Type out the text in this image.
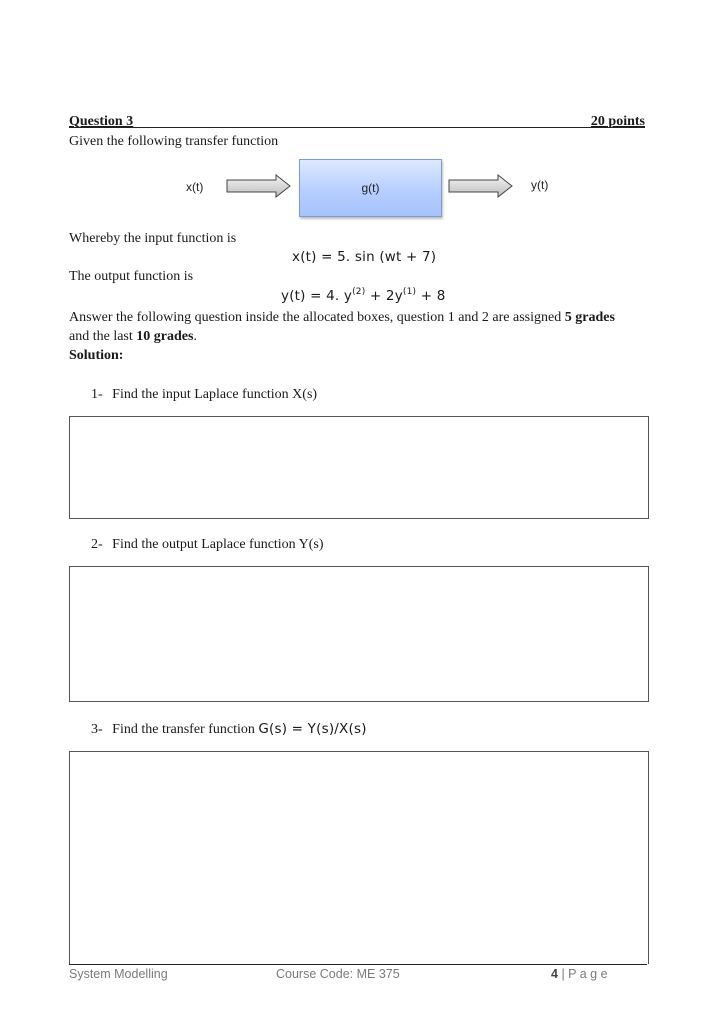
Question 3	20 points
Given the following transfer function
x(t)	g(t)	y(t)
Whereby the input function is
x(t) = 5. sin (wt + 7)
The output function is
y(t) = 4. $y^{(2)} + 2y^{(1)} + 8$
Answer the following question inside the allocated boxes, question 1 and 2 are assigned 5 grades
and the last 10 grades.
Solution:
1- Find the input Laplace function X(s)
2- Find the output Laplace function Y(s)
3- Find the transfer function G(s) = Y(s)/X(s)
System Modelling	Course Code: ME 375	4 | P a g e
